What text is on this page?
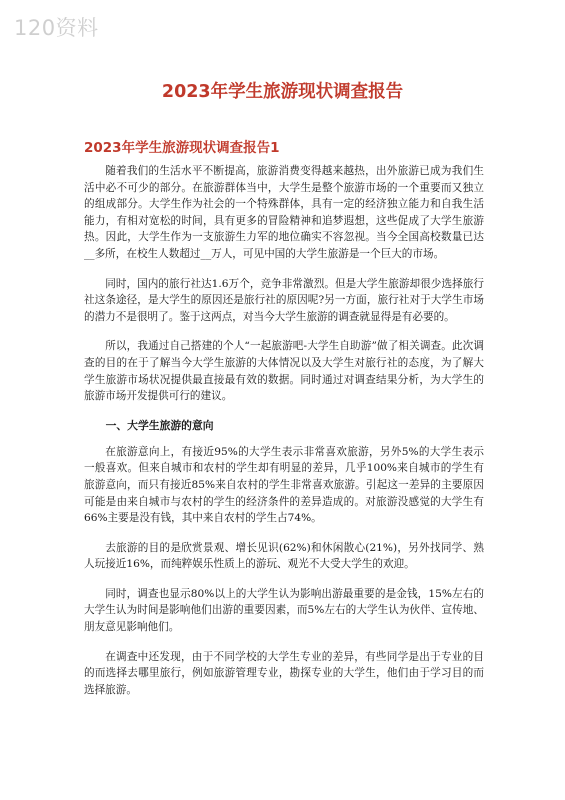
120资料
2023年学生旅游现状调查报告
2023年学生旅游现状调查报告1

随着我们的生活水平不断提高，旅游消费变得越来越热，出外旅游已成为我们生活中必不可少的部分。在旅游群体当中，大学生是整个旅游市场的一个重要而又独立的组成部分。大学生作为社会的一个特殊群体，具有一定的经济独立能力和自我生活能力，有相对宽松的时间，具有更多的冒险精神和追梦遐想，这些促成了大学生旅游热。因此，大学生作为一支旅游生力军的地位确实不容忽视。当今全国高校数量已达__多所，在校生人数超过__万人，可见中国的大学生旅游是一个巨大的市场。

同时，国内的旅行社达1.6万个，竞争非常激烈。但是大学生旅游却很少选择旅行社这条途径，是大学生的原因还是旅行社的原因呢?另一方面，旅行社对于大学生市场的潜力不是很明了。鉴于这两点，对当今大学生旅游的调查就显得是有必要的。

所以，我通过自己搭建的个人“一起旅游吧-大学生自助游”做了相关调查。此次调查的目的在于了解当今大学生旅游的大体情况以及大学生对旅行社的态度，为了解大学生旅游市场状况提供最直接最有效的数据。同时通过对调查结果分析，为大学生的旅游市场开发提供可行的建议。

一、大学生旅游的意向

在旅游意向上，有接近95%的大学生表示非常喜欢旅游，另外5%的大学生表示一般喜欢。但来自城市和农村的学生却有明显的差异，几乎100%来自城市的学生有旅游意向，而只有接近85%来自农村的学生非常喜欢旅游。引起这一差异的主要原因可能是由来自城市与农村的学生的经济条件的差异造成的。对旅游没感觉的大学生有66%主要是没有钱，其中来自农村的学生占74%。

去旅游的目的是欣赏景观、增长见识(62%)和休闲散心(21%)，另外找同学、熟人玩接近16%，而纯粹娱乐性质上的游玩、观光不大受大学生的欢迎。

同时，调查也显示80%以上的大学生认为影响出游最重要的是金钱，15%左右的大学生认为时间是影响他们出游的重要因素，而5%左右的大学生认为伙伴、宣传地、朋友意见影响他们。

在调查中还发现，由于不同学校的大学生专业的差异，有些同学是出于专业的目的而选择去哪里旅行，例如旅游管理专业，勘探专业的大学生，他们由于学习目的而选择旅游。
